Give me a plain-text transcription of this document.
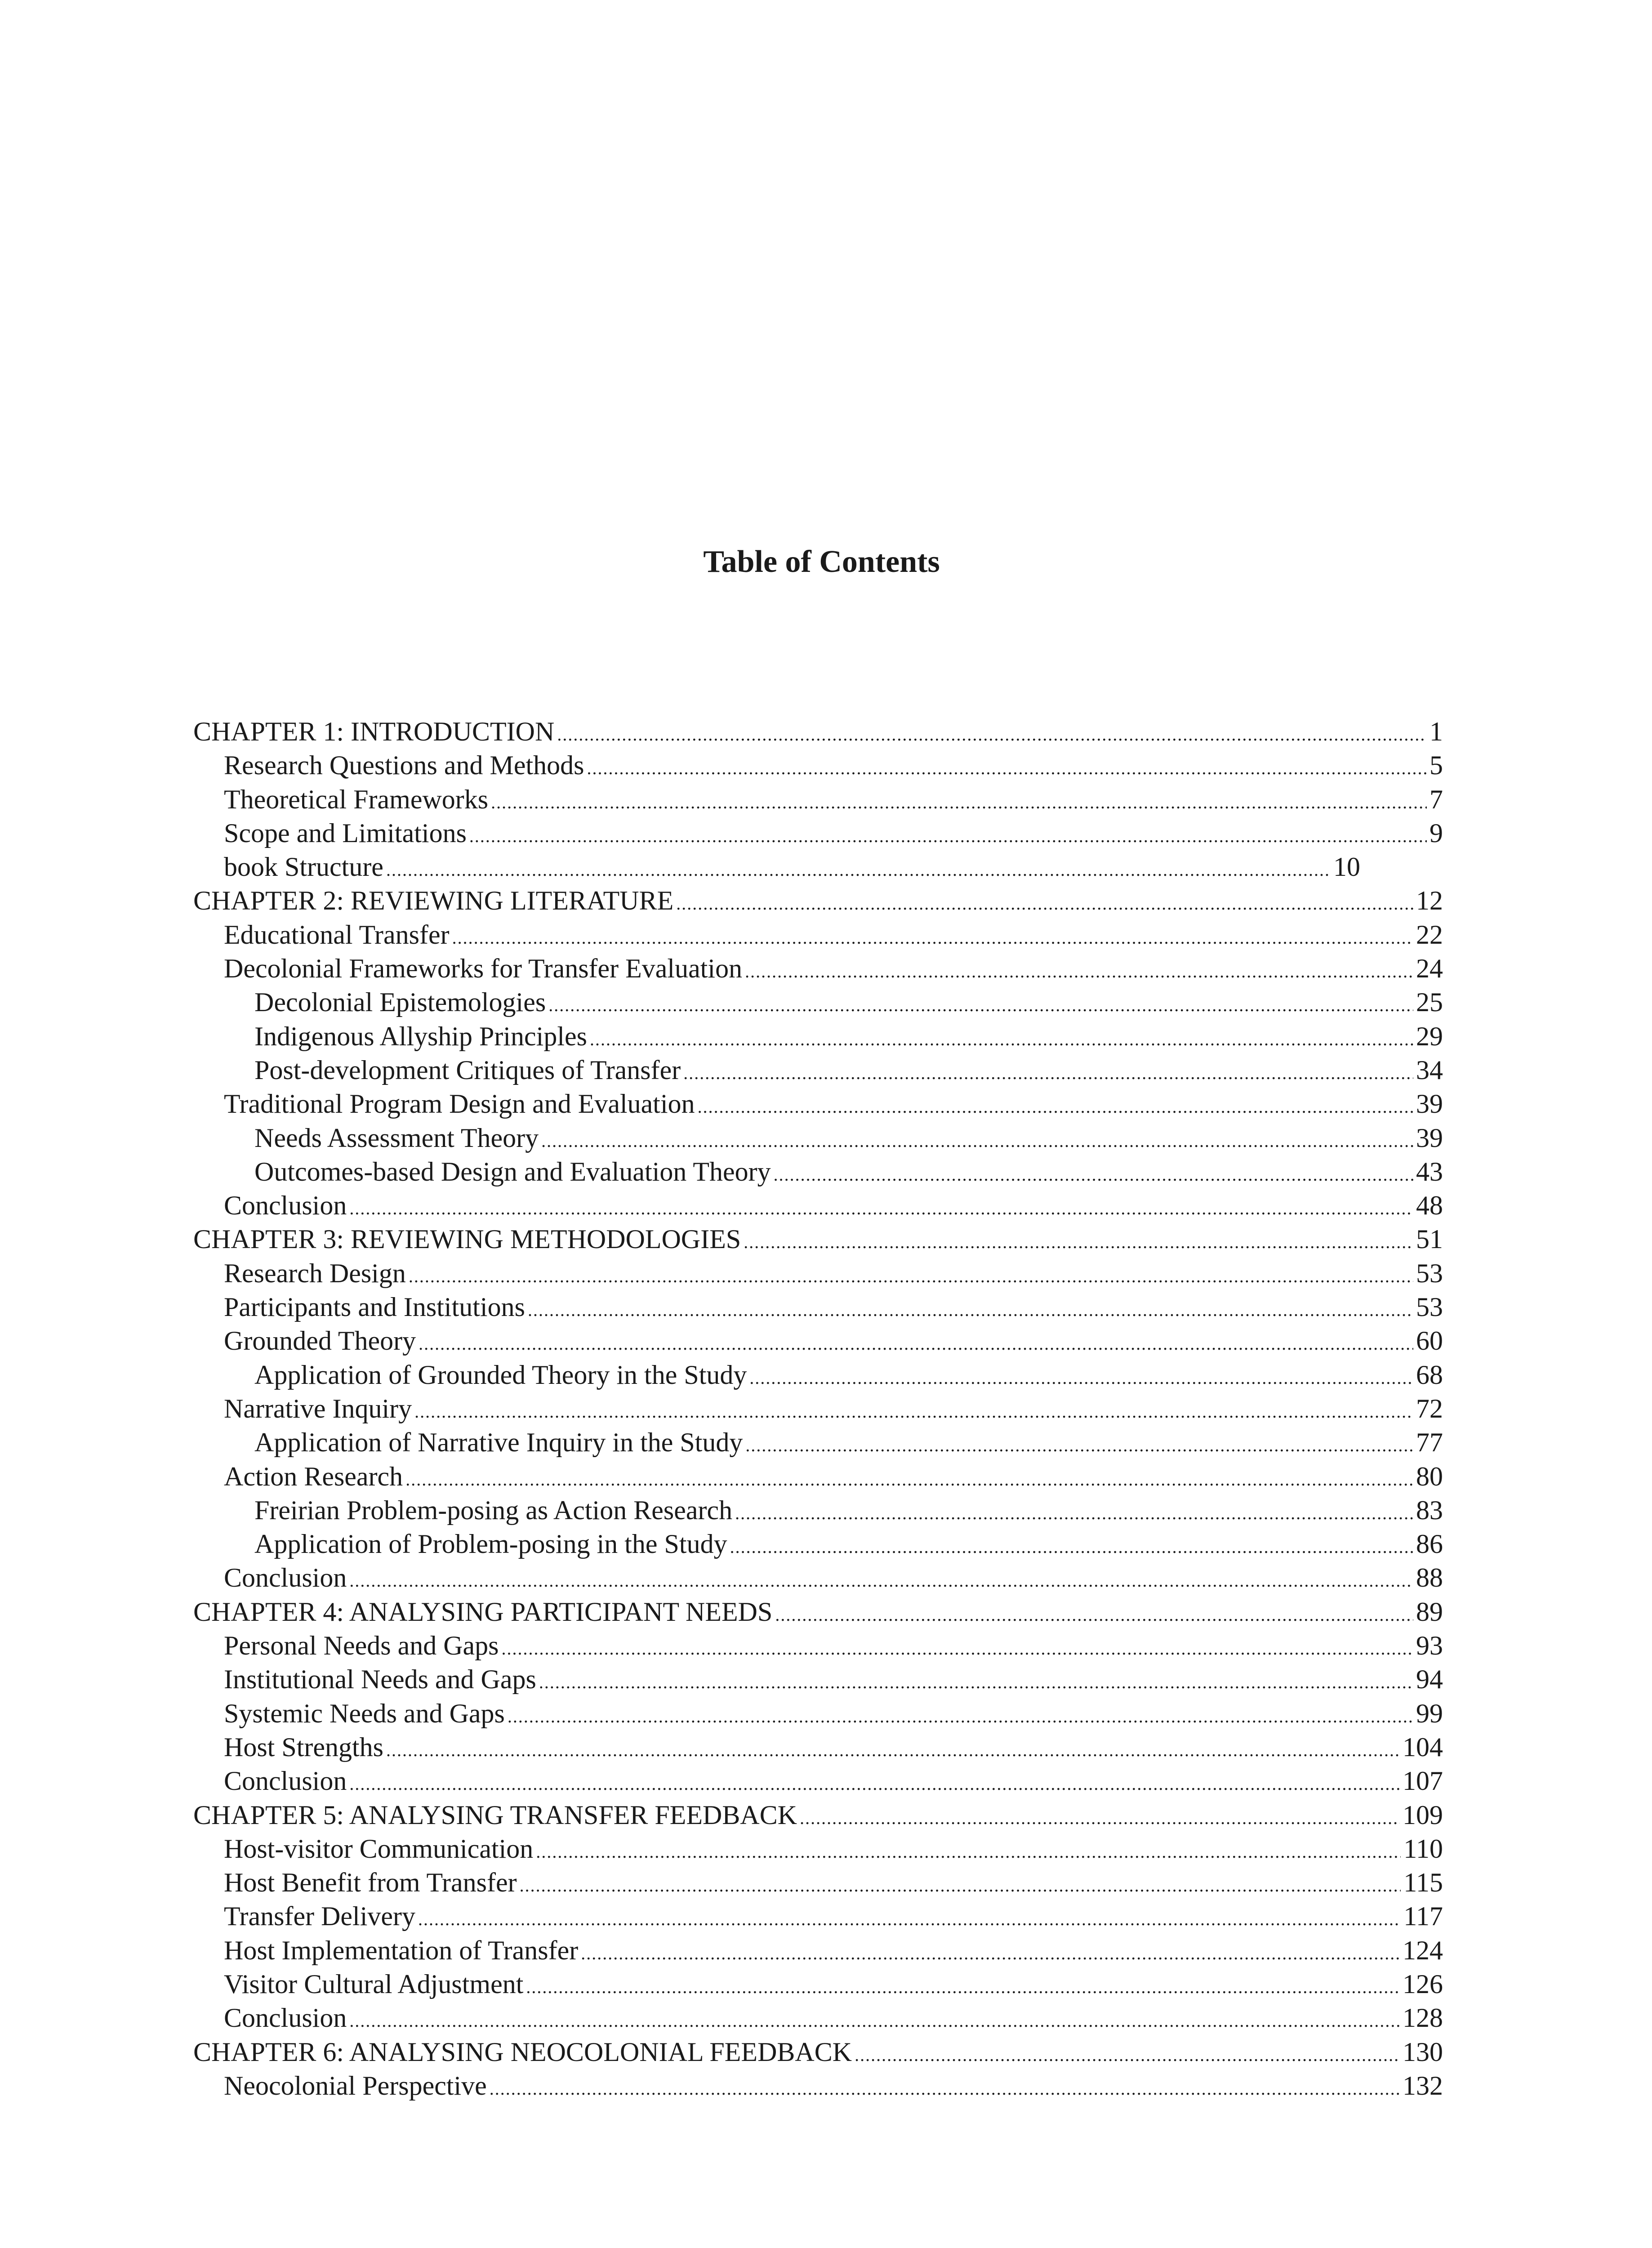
Table of Contents
CHAPTER 1: INTRODUCTION .....	1
Research Questions and Methods .....	5
Theoretical Frameworks .....	7
Scope and Limitations .....	9
book Structure .....	10
CHAPTER 2: REVIEWING LITERATURE .....	12
Educational Transfer .....	22
Decolonial Frameworks for Transfer Evaluation .....	24
Decolonial Epistemologies .....	25
Indigenous Allyship Principles .....	29
Post-development Critiques of Transfer .....	34
Traditional Program Design and Evaluation .....	39
Needs Assessment Theory .....	39
Outcomes-based Design and Evaluation Theory .....	43
Conclusion .....	48
CHAPTER 3: REVIEWING METHODOLOGIES .....	51
Research Design .....	53
Participants and Institutions .....	53
Grounded Theory .....	60
Application of Grounded Theory in the Study .....	68
Narrative Inquiry .....	72
Application of Narrative Inquiry in the Study .....	77
Action Research .....	80
Freirian Problem-posing as Action Research .....	83
Application of Problem-posing in the Study .....	86
Conclusion .....	88
CHAPTER 4: ANALYSING PARTICIPANT NEEDS .....	89
Personal Needs and Gaps .....	93
Institutional Needs and Gaps .....	94
Systemic Needs and Gaps .....	99
Host Strengths .....	104
Conclusion .....	107
CHAPTER 5: ANALYSING TRANSFER FEEDBACK .....	109
Host-visitor Communication .....	110
Host Benefit from Transfer .....	115
Transfer Delivery .....	117
Host Implementation of Transfer .....	124
Visitor Cultural Adjustment .....	126
Conclusion .....	128
CHAPTER 6: ANALYSING NEOCOLONIAL FEEDBACK .....	130
Neocolonial Perspective .....	132
